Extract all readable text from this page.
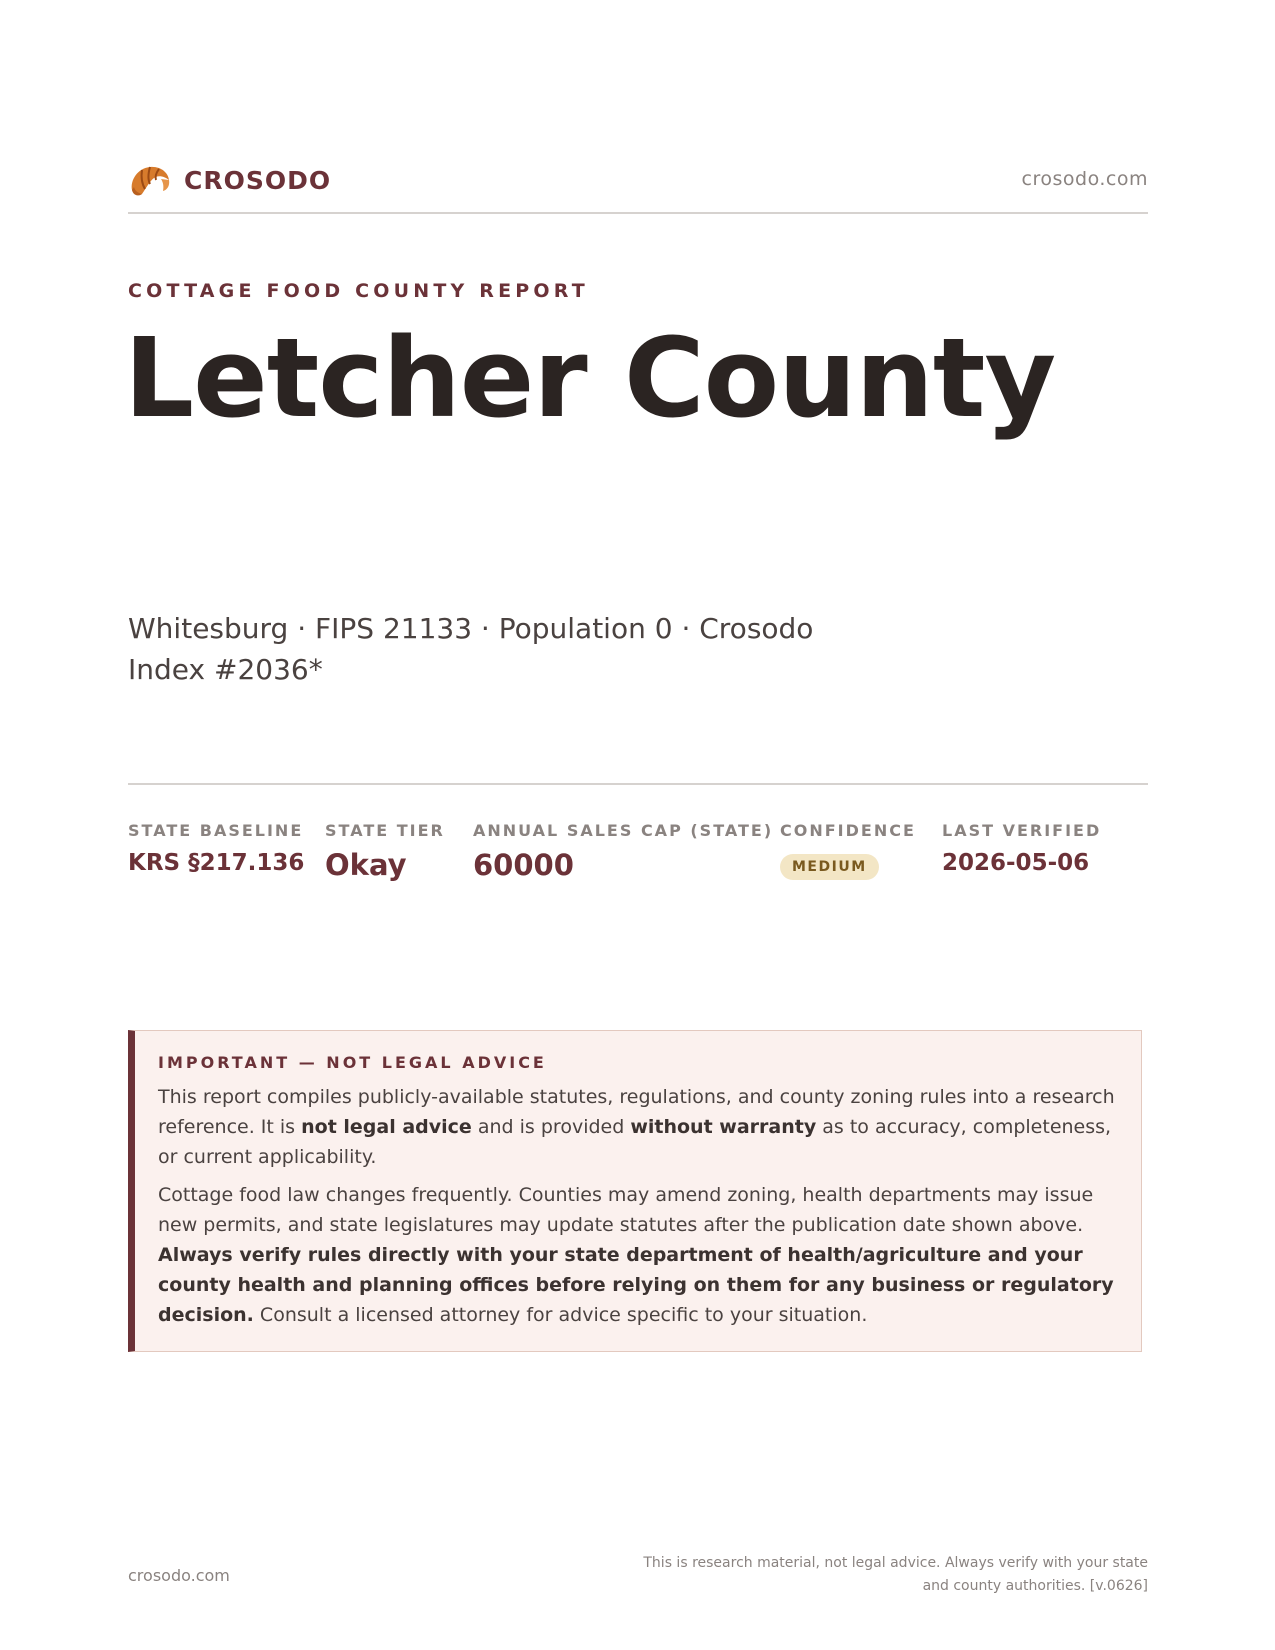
CROSODO	crosodo.com
COTTAGE FOOD COUNTY REPORT
Letcher County
Whitesburg · FIPS 21133 · Population 0 · Crosodo Index #2036*
STATE BASELINE
KRS §217.136
STATE TIER
Okay
ANNUAL SALES CAP (STATE)
60000
CONFIDENCE
MEDIUM
LAST VERIFIED
2026-05-06
IMPORTANT — NOT LEGAL ADVICE

This report compiles publicly-available statutes, regulations, and county zoning rules into a research reference. It is not legal advice and is provided without warranty as to accuracy, completeness, or current applicability.

Cottage food law changes frequently. Counties may amend zoning, health departments may issue new permits, and state legislatures may update statutes after the publication date shown above. Always verify rules directly with your state department of health/agriculture and your county health and planning offices before relying on them for any business or regulatory decision. Consult a licensed attorney for advice specific to your situation.

crosodo.com
This is research material, not legal advice. Always verify with your state and county authorities. [v.0626]
